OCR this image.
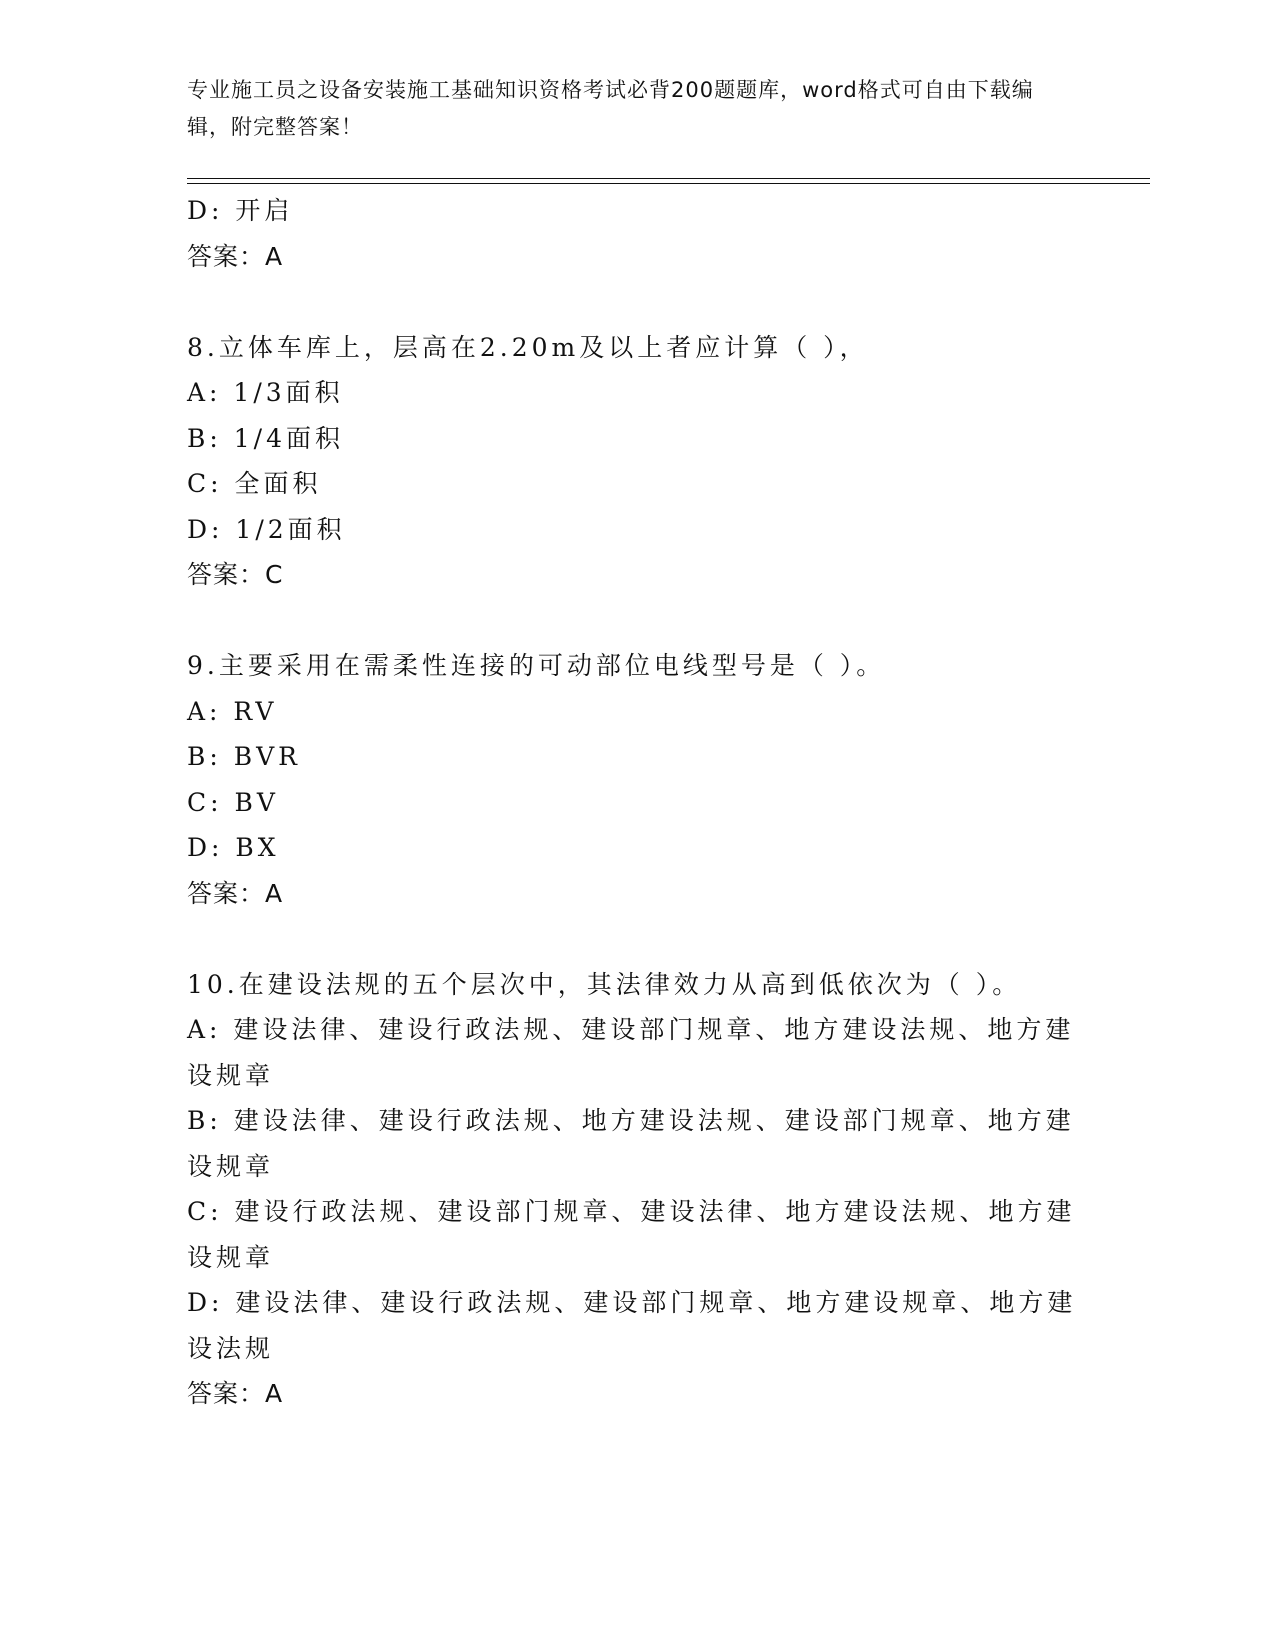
专业施工员之设备安装施工基础知识资格考试必背200题题库，word格式可自由下载编辑，附完整答案！

D: 开启

答案：A

8.立体车库上，层高在2.20m及以上者应计算（ ），

A: 1/3面积

B: 1/4面积

C: 全面积

D: 1/2面积

答案：C

9.主要采用在需柔性连接的可动部位电线型号是（ ）。

A: RV

B: BVR

C: BV

D: BX

答案：A

10.在建设法规的五个层次中，其法律效力从高到低依次为（ ）。

A: 建设法律、建设行政法规、建设部门规章、地方建设法规、地方建设规章

B: 建设法律、建设行政法规、地方建设法规、建设部门规章、地方建设规章

C: 建设行政法规、建设部门规章、建设法律、地方建设法规、地方建设规章

D: 建设法律、建设行政法规、建设部门规章、地方建设规章、地方建设法规

答案：A
